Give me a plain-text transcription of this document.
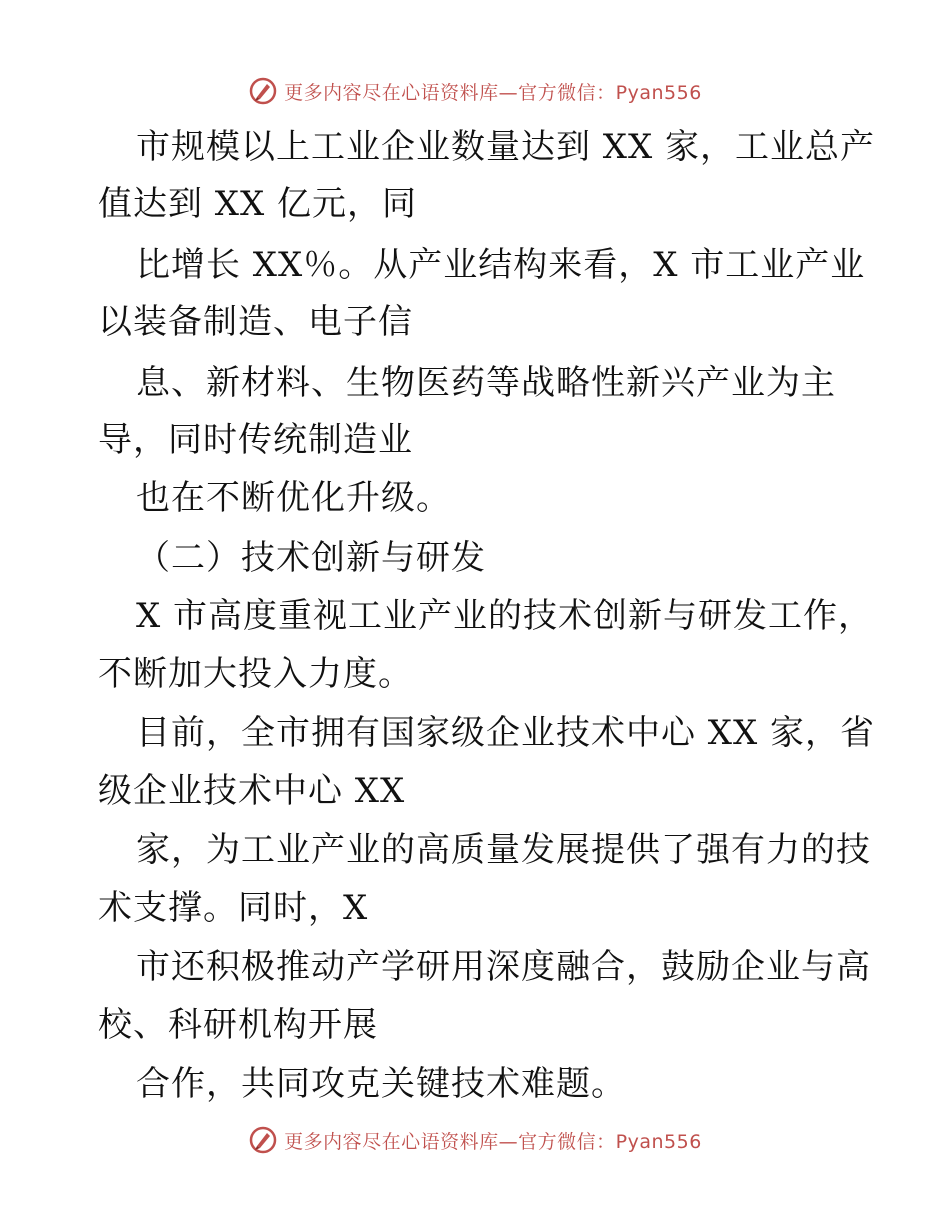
更多内容尽在心语资料库—官方微信：Pyan556
市规模以上工业企业数量达到 XX 家，工业总产
值达到 XX 亿元，同
比增长 XX％。从产业结构来看，X 市工业产业
以装备制造、电子信
息、新材料、生物医药等战略性新兴产业为主
导，同时传统制造业
也在不断优化升级。
（二）技术创新与研发
X 市高度重视工业产业的技术创新与研发工作，
不断加大投入力度。
目前，全市拥有国家级企业技术中心 XX 家，省
级企业技术中心 XX
家，为工业产业的高质量发展提供了强有力的技
术支撑。同时，X
市还积极推动产学研用深度融合，鼓励企业与高
校、科研机构开展
合作，共同攻克关键技术难题。
更多内容尽在心语资料库—官方微信：Pyan556
